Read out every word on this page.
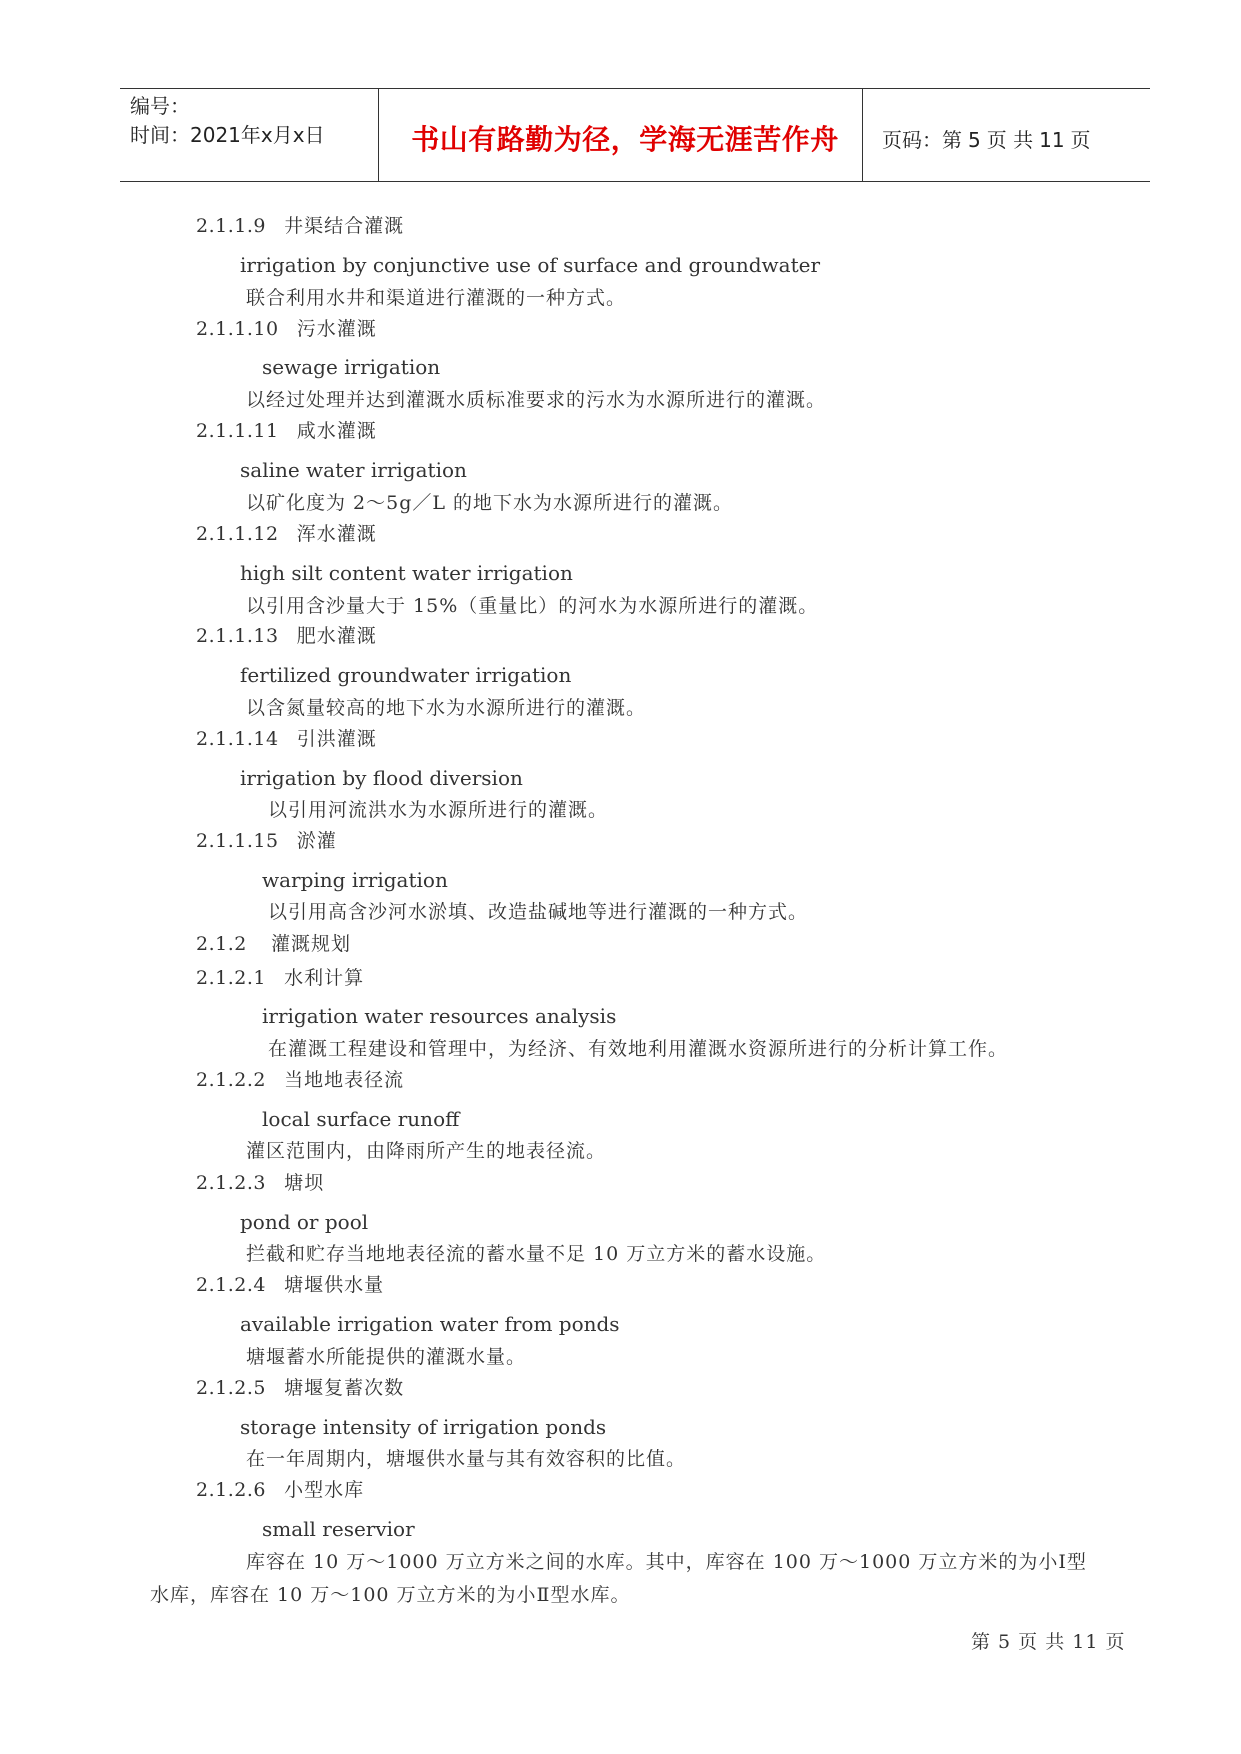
编号：
时间：2021年x月x日	书山有路勤为径，学海无涯苦作舟	页码：第 5 页 共 11 页
2.1.1.9 井渠结合灌溉
irrigation by conjunctive use of surface and groundwater
联合利用水井和渠道进行灌溉的一种方式。
2.1.1.10 污水灌溉
sewage irrigation
以经过处理并达到灌溉水质标准要求的污水为水源所进行的灌溉。
2.1.1.11 咸水灌溉
saline water irrigation
以矿化度为 2～5g／L 的地下水为水源所进行的灌溉。
2.1.1.12 浑水灌溉
high silt content water irrigation
以引用含沙量大于 15%（重量比）的河水为水源所进行的灌溉。
2.1.1.13 肥水灌溉
fertilized groundwater irrigation
以含氮量较高的地下水为水源所进行的灌溉。
2.1.1.14 引洪灌溉
irrigation by flood diversion
以引用河流洪水为水源所进行的灌溉。
2.1.1.15 淤灌
warping irrigation
以引用高含沙河水淤填、改造盐碱地等进行灌溉的一种方式。
2.1.2 灌溉规划
2.1.2.1 水利计算
irrigation water resources analysis
在灌溉工程建设和管理中，为经济、有效地利用灌溉水资源所进行的分析计算工作。
2.1.2.2 当地地表径流
local surface runoff
灌区范围内，由降雨所产生的地表径流。
2.1.2.3 塘坝
pond or pool
拦截和贮存当地地表径流的蓄水量不足 10 万立方米的蓄水设施。
2.1.2.4 塘堰供水量
available irrigation water from ponds
塘堰蓄水所能提供的灌溉水量。
2.1.2.5 塘堰复蓄次数
storage intensity of irrigation ponds
在一年周期内，塘堰供水量与其有效容积的比值。
2.1.2.6 小型水库
small reservior
库容在 10 万～1000 万立方米之间的水库。其中，库容在 100 万～1000 万立方米的为小Ⅰ型
水库，库容在 10 万～100 万立方米的为小Ⅱ型水库。
第 5 页 共 11 页
